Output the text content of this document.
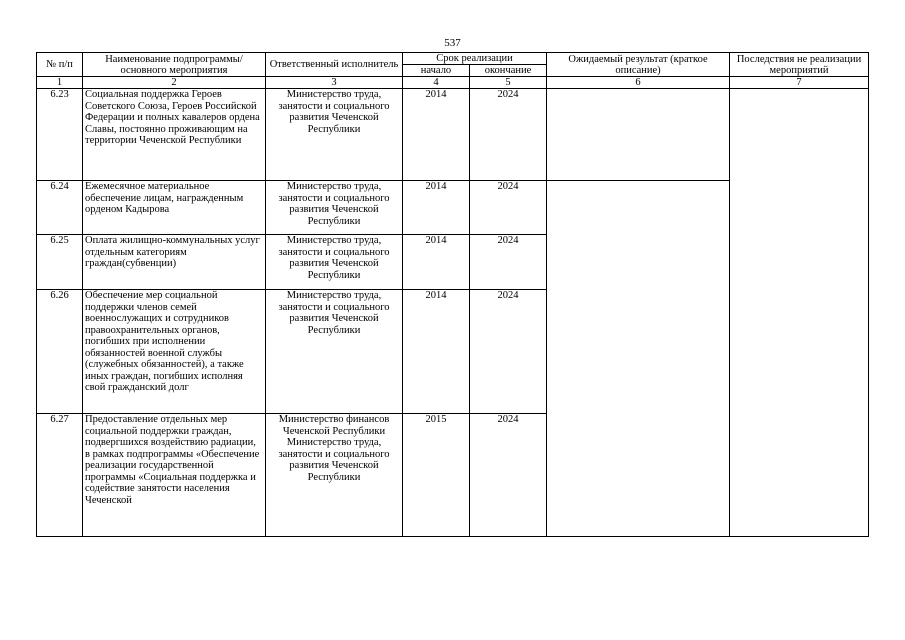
537
№ п/п	Наименование подпрограммы/ основного мероприятия	Ответственный исполнитель	Срок реализации		Ожидаемый результат (краткое описание)	Последствия не реализации мероприятий
			начало	окончание		
1	2	3	4	5	6	7
6.23	Социальная поддержка Героев Советского Союза, Героев Российской Федерации и полных кавалеров ордена Славы, постоянно проживающим на территории Чеченской Республики	Министерство труда, занятости и социального развития Чеченской Республики	2014	2024		
6.24	Ежемесячное материальное обеспечение лицам, награжденным орденом Кадырова	Министерство труда, занятости и социального развития Чеченской Республики	2014	2024		
6.25	Оплата жилищно-коммунальных услуг отдельным категориям граждан(субвенции)	Министерство труда, занятости и социального развития Чеченской Республики	2014	2024		
6.26	Обеспечение мер социальной поддержки членов семей военнослужащих и сотрудников правоохранительных органов, погибших при исполнении обязанностей военной службы (служебных обязанностей), а также иных граждан, погибших исполняя свой гражданский долг	Министерство труда, занятости и социального развития Чеченской Республики	2014	2024		
6.27	Предоставление отдельных мер социальной поддержки граждан, подвергшихся воздействию радиации, в рамках подпрограммы «Обеспечение реализации государственной программы «Социальная поддержка и содействие занятости населения Чеченской	Министерство финансов Чеченской Республики Министерство труда, занятости и социального развития Чеченской Республики	2015	2024		
